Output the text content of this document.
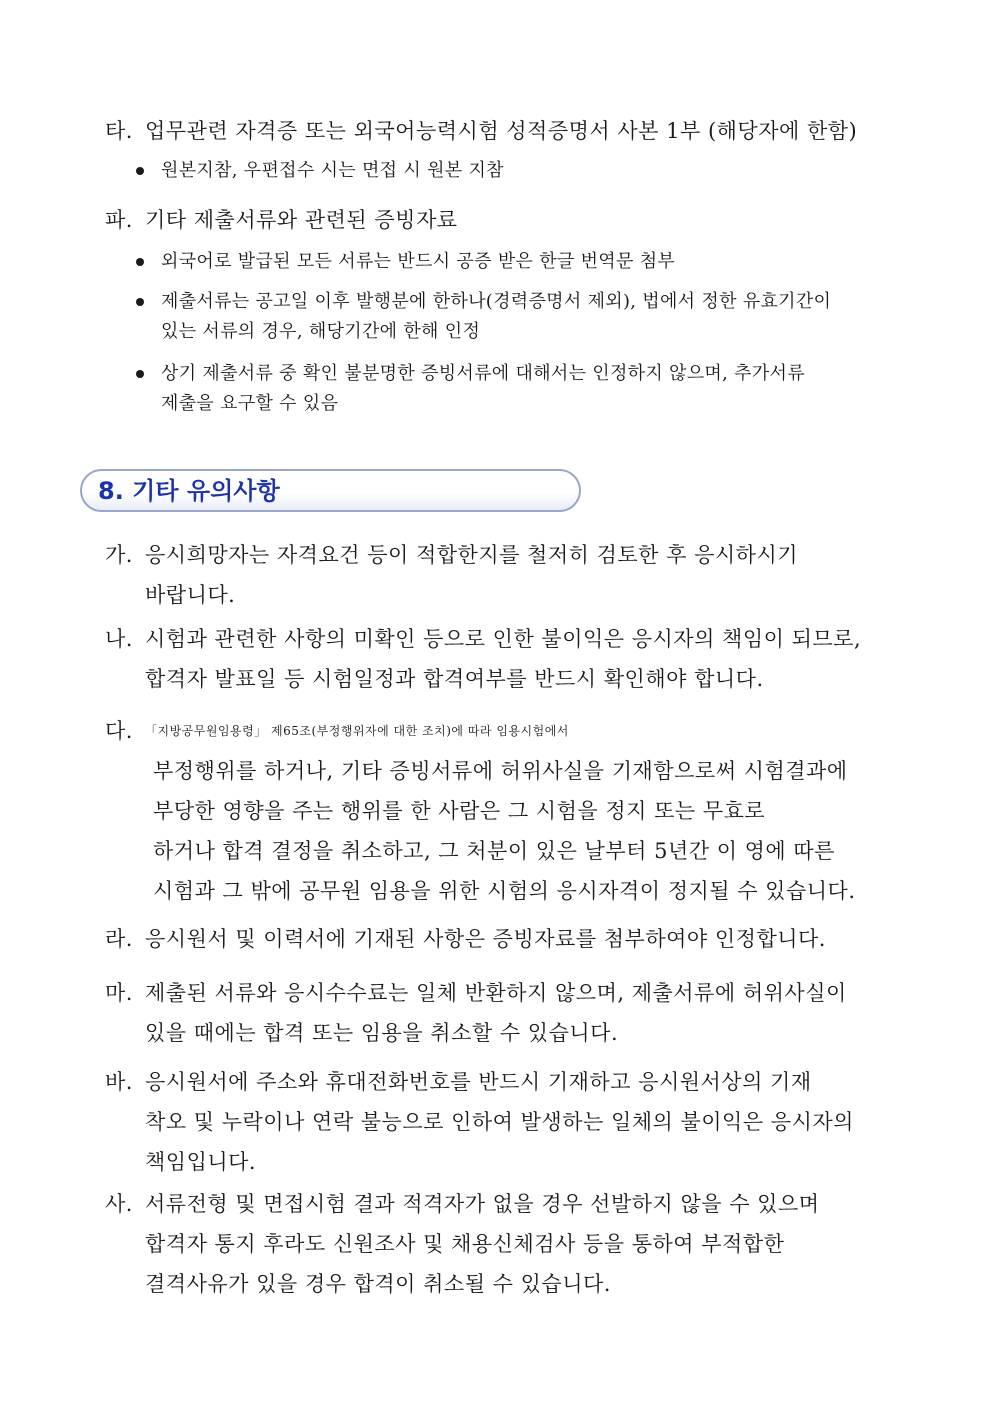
타. 업무관련 자격증 또는 외국어능력시험 성적증명서 사본 1부 (해당자에 한함)
원본지참, 우편접수 시는 면접 시 원본 지참
파. 기타 제출서류와 관련된 증빙자료
외국어로 발급된 모든 서류는 반드시 공증 받은 한글 번역문 첨부
제출서류는 공고일 이후 발행분에 한하나(경력증명서 제외), 법에서 정한 유효기간이
있는 서류의 경우, 해당기간에 한해 인정
상기 제출서류 중 확인 불분명한 증빙서류에 대해서는 인정하지 않으며, 추가서류
제출을 요구할 수 있음
8. 기타 유의사항
가. 응시희망자는 자격요건 등이 적합한지를 철저히 검토한 후 응시하시기
바랍니다.
나. 시험과 관련한 사항의 미확인 등으로 인한 불이익은 응시자의 책임이 되므로,
합격자 발표일 등 시험일정과 합격여부를 반드시 확인해야 합니다.
다. 「지방공무원임용령」 제65조(부정행위자에 대한 조치)에 따라 임용시험에서
부정행위를 하거나, 기타 증빙서류에 허위사실을 기재함으로써 시험결과에
부당한 영향을 주는 행위를 한 사람은 그 시험을 정지 또는 무효로
하거나 합격 결정을 취소하고, 그 처분이 있은 날부터 5년간 이 영에 따른
시험과 그 밖에 공무원 임용을 위한 시험의 응시자격이 정지될 수 있습니다.
라. 응시원서 및 이력서에 기재된 사항은 증빙자료를 첨부하여야 인정합니다.
마. 제출된 서류와 응시수수료는 일체 반환하지 않으며, 제출서류에 허위사실이
있을 때에는 합격 또는 임용을 취소할 수 있습니다.
바. 응시원서에 주소와 휴대전화번호를 반드시 기재하고 응시원서상의 기재
착오 및 누락이나 연락 불능으로 인하여 발생하는 일체의 불이익은 응시자의
책임입니다.
사. 서류전형 및 면접시험 결과 적격자가 없을 경우 선발하지 않을 수 있으며
합격자 통지 후라도 신원조사 및 채용신체검사 등을 통하여 부적합한
결격사유가 있을 경우 합격이 취소될 수 있습니다.
